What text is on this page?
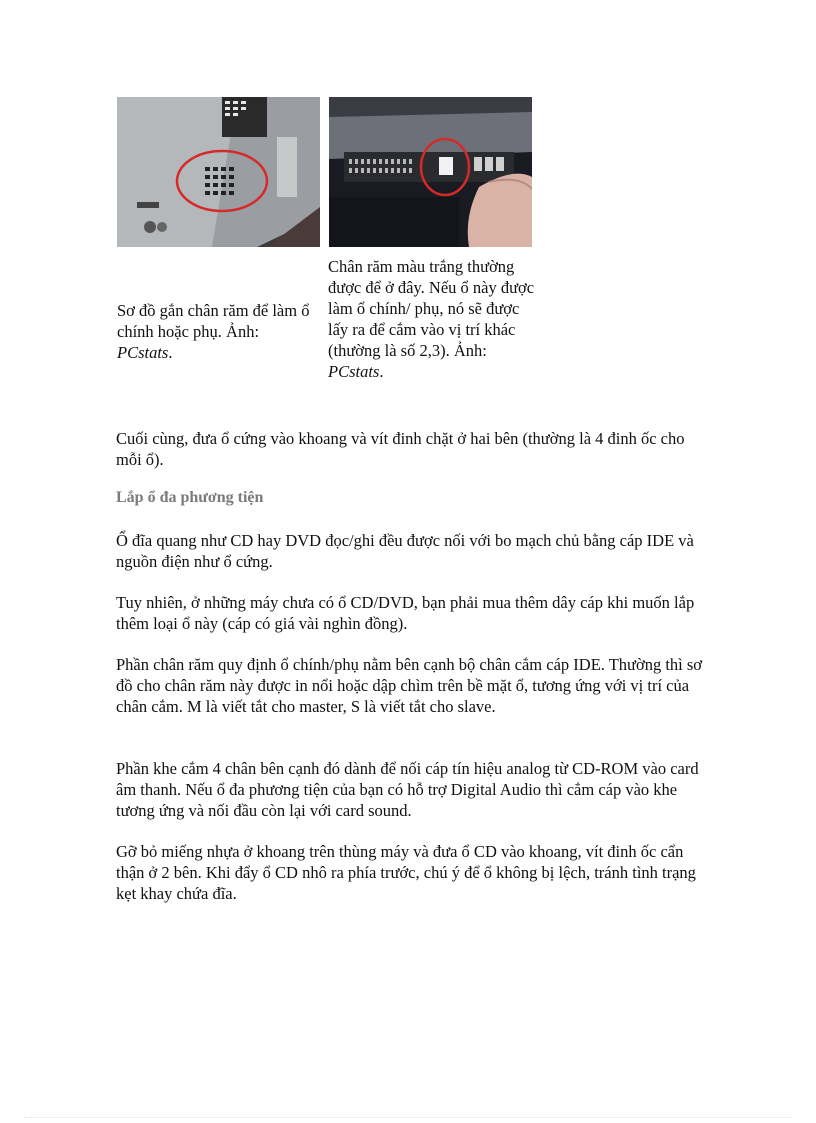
Sơ đồ gắn chân răm để làm ổ chính hoặc phụ. Ảnh: PCstats.

Chân răm màu trắng thường được để ở đây. Nếu ổ này được làm ổ chính/ phụ, nó sẽ được lấy ra để cắm vào vị trí khác (thường là số 2,3). Ảnh: PCstats.

Cuối cùng, đưa ổ cứng vào khoang và vít đinh chặt ở hai bên (thường là 4 đinh ốc cho mỗi ổ).

Lắp ổ đa phương tiện

Ổ đĩa quang như CD hay DVD đọc/ghi đều được nối với bo mạch chủ bằng cáp IDE và nguồn điện như ổ cứng.

Tuy nhiên, ở những máy chưa có ổ CD/DVD, bạn phải mua thêm dây cáp khi muốn lắp thêm loại ổ này (cáp có giá vài nghìn đồng).

Phần chân răm quy định ổ chính/phụ nằm bên cạnh bộ chân cắm cáp IDE. Thường thì sơ đồ cho chân răm này được in nổi hoặc dập chìm trên bề mặt ổ, tương ứng với vị trí của chân cắm. M là viết tắt cho master, S là viết tắt cho slave.

Phần khe cắm 4 chân bên cạnh đó dành để nối cáp tín hiệu analog từ CD-ROM vào card âm thanh. Nếu ổ đa phương tiện của bạn có hỗ trợ Digital Audio thì cắm cáp vào khe tương ứng và nối đầu còn lại với card sound.

Gỡ bỏ miếng nhựa ở khoang trên thùng máy và đưa ổ CD vào khoang, vít đinh ốc cẩn thận ở 2 bên. Khi đẩy ổ CD nhô ra phía trước, chú ý để ổ không bị lệch, tránh tình trạng kẹt khay chứa đĩa.
